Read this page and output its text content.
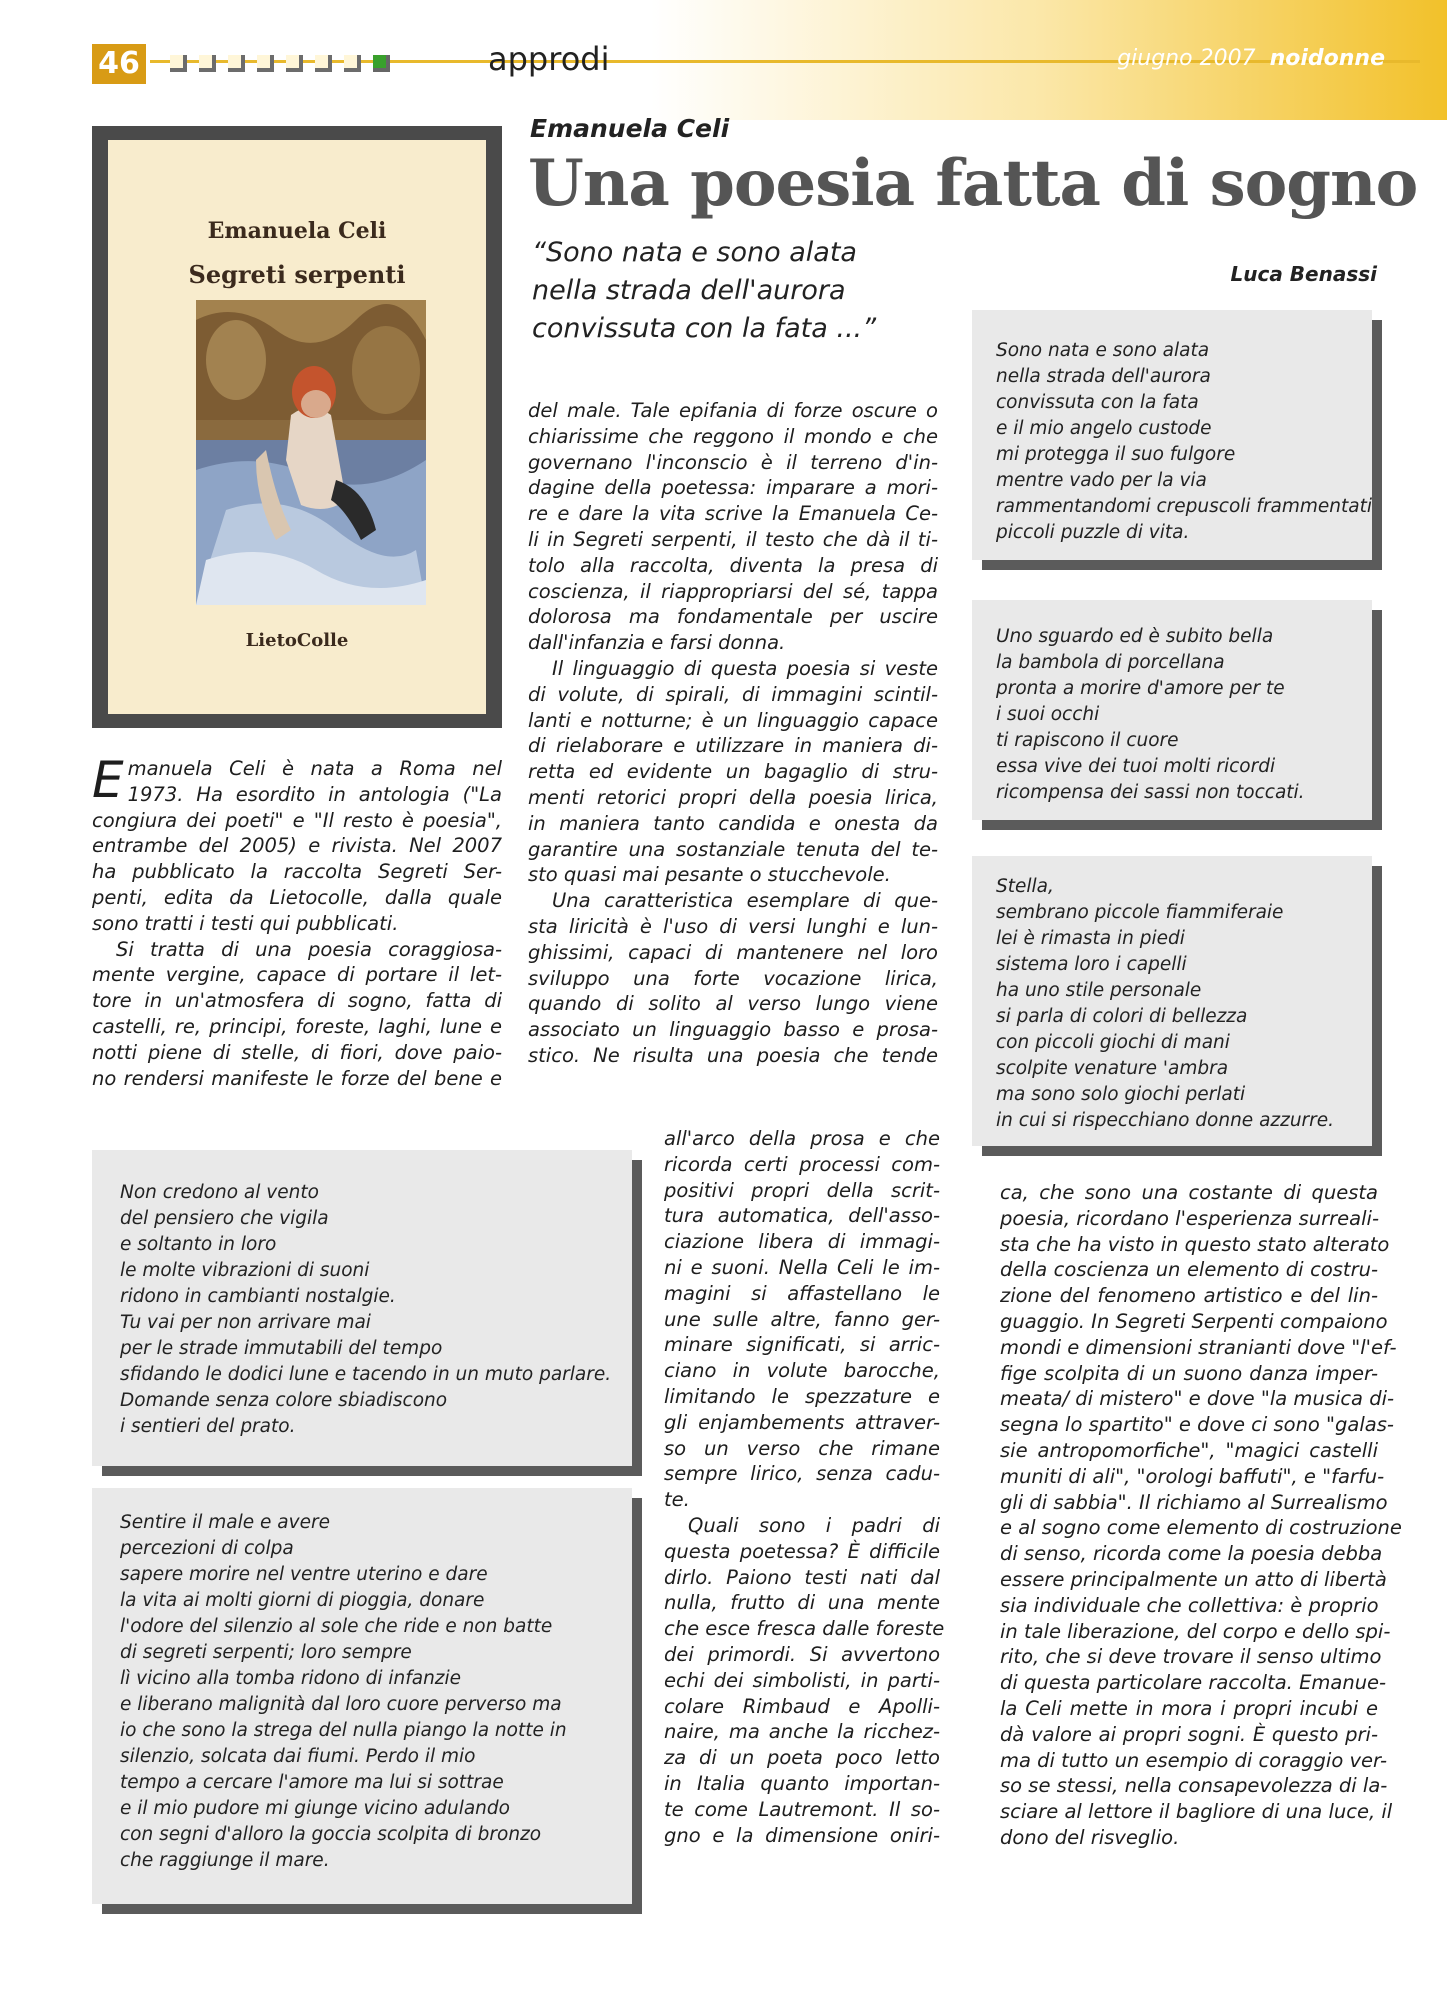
46	approdi	giugno 2007 noidonne
Emanuela Celi
Segreti serpenti
LietoColle
Emanuela Celi
Una poesia fatta di sogno
“Sono nata e sono alata
nella strada dell'aurora
convissuta con la fata ...”
Luca Benassi
E manuela Celi è nata a Roma nel
1973. Ha esordito in antologia ("La
congiura dei poeti" e "Il resto è poesia",
entrambe del 2005) e rivista. Nel 2007
ha pubblicato la raccolta Segreti Ser-
penti, edita da Lietocolle, dalla quale
sono tratti i testi qui pubblicati.
Si tratta di una poesia coraggiosa-
mente vergine, capace di portare il let-
tore in un'atmosfera di sogno, fatta di
castelli, re, principi, foreste, laghi, lune e
notti piene di stelle, di fiori, dove paio-
no rendersi manifeste le forze del bene e
del male. Tale epifania di forze oscure o
chiarissime che reggono il mondo e che
governano l'inconscio è il terreno d'in-
dagine della poetessa: imparare a mori-
re e dare la vita scrive la Emanuela Ce-
li in Segreti serpenti, il testo che dà il ti-
tolo alla raccolta, diventa la presa di
coscienza, il riappropriarsi del sé, tappa
dolorosa ma fondamentale per uscire
dall'infanzia e farsi donna.
Il linguaggio di questa poesia si veste
di volute, di spirali, di immagini scintil-
lanti e notturne; è un linguaggio capace
di rielaborare e utilizzare in maniera di-
retta ed evidente un bagaglio di stru-
menti retorici propri della poesia lirica,
in maniera tanto candida e onesta da
garantire una sostanziale tenuta del te-
sto quasi mai pesante o stucchevole.
Una caratteristica esemplare di que-
sta liricità è l'uso di versi lunghi e lun-
ghissimi, capaci di mantenere nel loro
sviluppo una forte vocazione lirica,
quando di solito al verso lungo viene
associato un linguaggio basso e prosa-
stico. Ne risulta una poesia che tende
all'arco della prosa e che
ricorda certi processi com-
positivi propri della scrit-
tura automatica, dell'asso-
ciazione libera di immagi-
ni e suoni. Nella Celi le im-
magini si affastellano le
une sulle altre, fanno ger-
minare significati, si arric-
ciano in volute barocche,
limitando le spezzature e
gli enjambements attraver-
so un verso che rimane
sempre lirico, senza cadu-
te.
Quali sono i padri di
questa poetessa? È difficile
dirlo. Paiono testi nati dal
nulla, frutto di una mente
che esce fresca dalle foreste
dei primordi. Si avvertono
echi dei simbolisti, in parti-
colare Rimbaud e Apolli-
naire, ma anche la ricchez-
za di un poeta poco letto
in Italia quanto importan-
te come Lautremont. Il so-
gno e la dimensione oniri-
ca, che sono una costante di questa
poesia, ricordano l'esperienza surreali-
sta che ha visto in questo stato alterato
della coscienza un elemento di costru-
zione del fenomeno artistico e del lin-
guaggio. In Segreti Serpenti compaiono
mondi e dimensioni stranianti dove "l'ef-
fige scolpita di un suono danza imper-
meata/ di mistero" e dove "la musica di-
segna lo spartito" e dove ci sono "galas-
sie antropomorfiche", "magici castelli
muniti di ali", "orologi baffuti", e "farfu-
gli di sabbia". Il richiamo al Surrealismo
e al sogno come elemento di costruzione
di senso, ricorda come la poesia debba
essere principalmente un atto di libertà
sia individuale che collettiva: è proprio
in tale liberazione, del corpo e dello spi-
rito, che si deve trovare il senso ultimo
di questa particolare raccolta. Emanue-
la Celi mette in mora i propri incubi e
dà valore ai propri sogni. È questo pri-
ma di tutto un esempio di coraggio ver-
so se stessi, nella consapevolezza di la-
sciare al lettore il bagliore di una luce, il
dono del risveglio.
Sono nata e sono alata
nella strada dell'aurora
convissuta con la fata
e il mio angelo custode
mi protegga il suo fulgore
mentre vado per la via
rammentandomi crepuscoli frammentati
piccoli puzzle di vita.
Uno sguardo ed è subito bella
la bambola di porcellana
pronta a morire d'amore per te
i suoi occhi
ti rapiscono il cuore
essa vive dei tuoi molti ricordi
ricompensa dei sassi non toccati.
Stella,
sembrano piccole fiammiferaie
lei è rimasta in piedi
sistema loro i capelli
ha uno stile personale
si parla di colori di bellezza
con piccoli giochi di mani
scolpite venature 'ambra
ma sono solo giochi perlati
in cui si rispecchiano donne azzurre.
Non credono al vento
del pensiero che vigila
e soltanto in loro
le molte vibrazioni di suoni
ridono in cambianti nostalgie.
Tu vai per non arrivare mai
per le strade immutabili del tempo
sfidando le dodici lune e tacendo in un muto parlare.
Domande senza colore sbiadiscono
i sentieri del prato.
Sentire il male e avere
percezioni di colpa
sapere morire nel ventre uterino e dare
la vita ai molti giorni di pioggia, donare
l'odore del silenzio al sole che ride e non batte
di segreti serpenti; loro sempre
lì vicino alla tomba ridono di infanzie
e liberano malignità dal loro cuore perverso ma
io che sono la strega del nulla piango la notte in
silenzio, solcata dai fiumi. Perdo il mio
tempo a cercare l'amore ma lui si sottrae
e il mio pudore mi giunge vicino adulando
con segni d'alloro la goccia scolpita di bronzo
che raggiunge il mare.
